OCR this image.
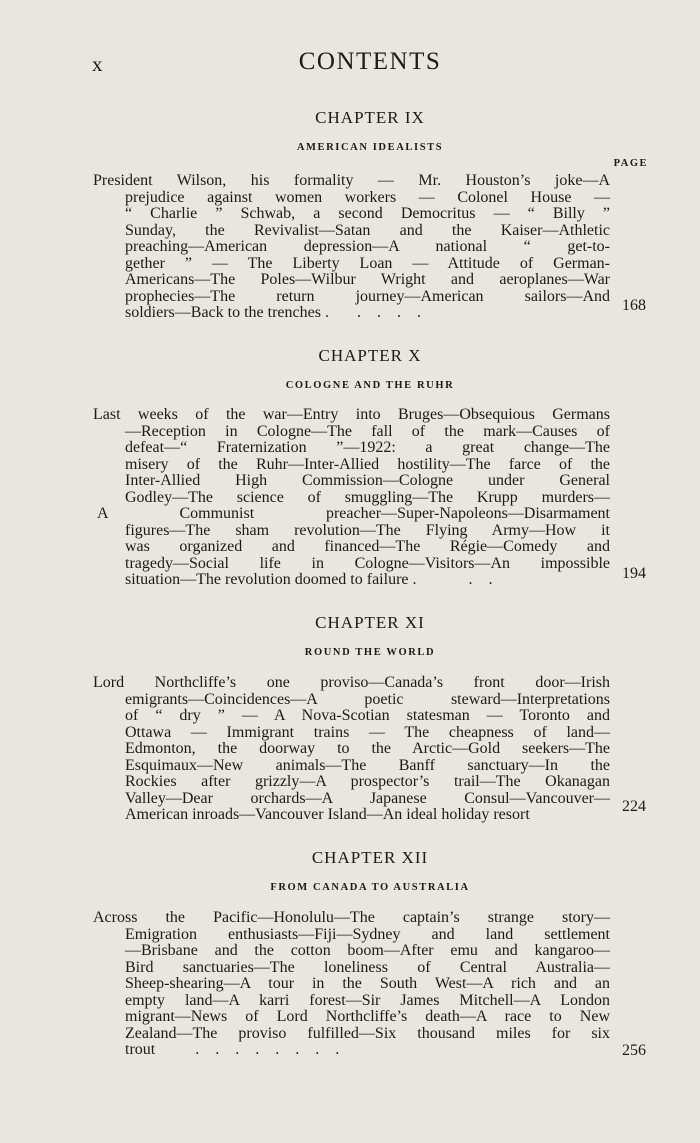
x	CONTENTS
CHAPTER IX
AMERICAN IDEALISTS
PAGE
President Wilson, his formality — Mr. Houston’s joke—A
prejudice against women workers — Colonel House —
“ Charlie ” Schwab, a second Democritus — “ Billy ”
Sunday, the Revivalist—Satan and the Kaiser—Athletic
preaching—American depression—A national “ get-to-
gether ” — The Liberty Loan — Attitude of German-
Americans—The Poles—Wilbur Wright and aeroplanes—War
prophecies—The return journey—American sailors—And
soldiers—Back to the trenches . . . . .	168
CHAPTER X
COLOGNE AND THE RUHR
Last weeks of the war—Entry into Bruges—Obsequious Germans
—Reception in Cologne—The fall of the mark—Causes of
defeat—“ Fraternization ”—1922: a great change—The
misery of the Ruhr—Inter-Allied hostility—The farce of the
Inter-Allied High Commission—Cologne under General
Godley—The science of smuggling—The Krupp murders—
A Communist preacher—Super-Napoleons—Disarmament
figures—The sham revolution—The Flying Army—How it
was organized and financed—The Régie—Comedy and
tragedy—Social life in Cologne—Visitors—An impossible
situation—The revolution doomed to failure .	. .	194
CHAPTER XI
ROUND THE WORLD
Lord Northcliffe’s one proviso—Canada’s front door—Irish
emigrants—Coincidences—A poetic steward—Interpretations
of “ dry ” — A Nova-Scotian statesman — Toronto and
Ottawa — Immigrant trains — The cheapness of land—
Edmonton, the doorway to the Arctic—Gold seekers—The
Esquimaux—New animals—The Banff sanctuary—In the
Rockies after grizzly—A prospector’s trail—The Okanagan
Valley—Dear orchards—A Japanese Consul—Vancouver—
American inroads—Vancouver Island—An ideal holiday resort	224
CHAPTER XII
FROM CANADA TO AUSTRALIA
Across the Pacific—Honolulu—The captain’s strange story—
Emigration enthusiasts—Fiji—Sydney and land settlement
—Brisbane and the cotton boom—After emu and kangaroo—
Bird sanctuaries—The loneliness of Central Australia—
Sheep-shearing—A tour in the South West—A rich and an
empty land—A karri forest—Sir James Mitchell—A London
migrant—News of Lord Northcliffe’s death—A race to New
Zealand—The proviso fulfilled—Six thousand miles for six
trout	. . . . . . . .	256
